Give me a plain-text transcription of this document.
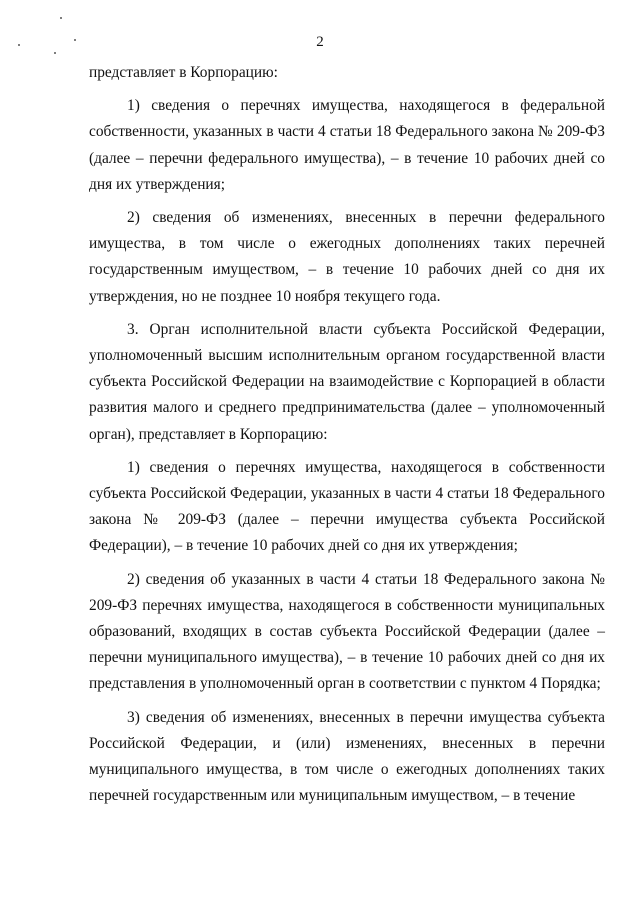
2

представляет в Корпорацию:

1) сведения о перечнях имущества, находящегося в федеральной собственности, указанных в части 4 статьи 18 Федерального закона № 209-ФЗ (далее – перечни федерального имущества), – в течение 10 рабочих дней со дня их утверждения;

2) сведения об изменениях, внесенных в перечни федерального имущества, в том числе о ежегодных дополнениях таких перечней государственным имуществом, – в течение 10 рабочих дней со дня их утверждения, но не позднее 10 ноября текущего года.

3. Орган исполнительной власти субъекта Российской Федерации, уполномоченный высшим исполнительным органом государственной власти субъекта Российской Федерации на взаимодействие с Корпорацией в области развития малого и среднего предпринимательства (далее – уполномоченный орган), представляет в Корпорацию:

1) сведения о перечнях имущества, находящегося в собственности субъекта Российской Федерации, указанных в части 4 статьи 18 Федерального закона № 209-ФЗ (далее – перечни имущества субъекта Российской Федерации), – в течение 10 рабочих дней со дня их утверждения;

2) сведения об указанных в части 4 статьи 18 Федерального закона № 209-ФЗ перечнях имущества, находящегося в собственности муниципальных образований, входящих в состав субъекта Российской Федерации (далее – перечни муниципального имущества), – в течение 10 рабочих дней со дня их представления в уполномоченный орган в соответствии с пунктом 4 Порядка;

3) сведения об изменениях, внесенных в перечни имущества субъекта Российской Федерации, и (или) изменениях, внесенных в перечни муниципального имущества, в том числе о ежегодных дополнениях таких перечней государственным или муниципальным имуществом, – в течение
